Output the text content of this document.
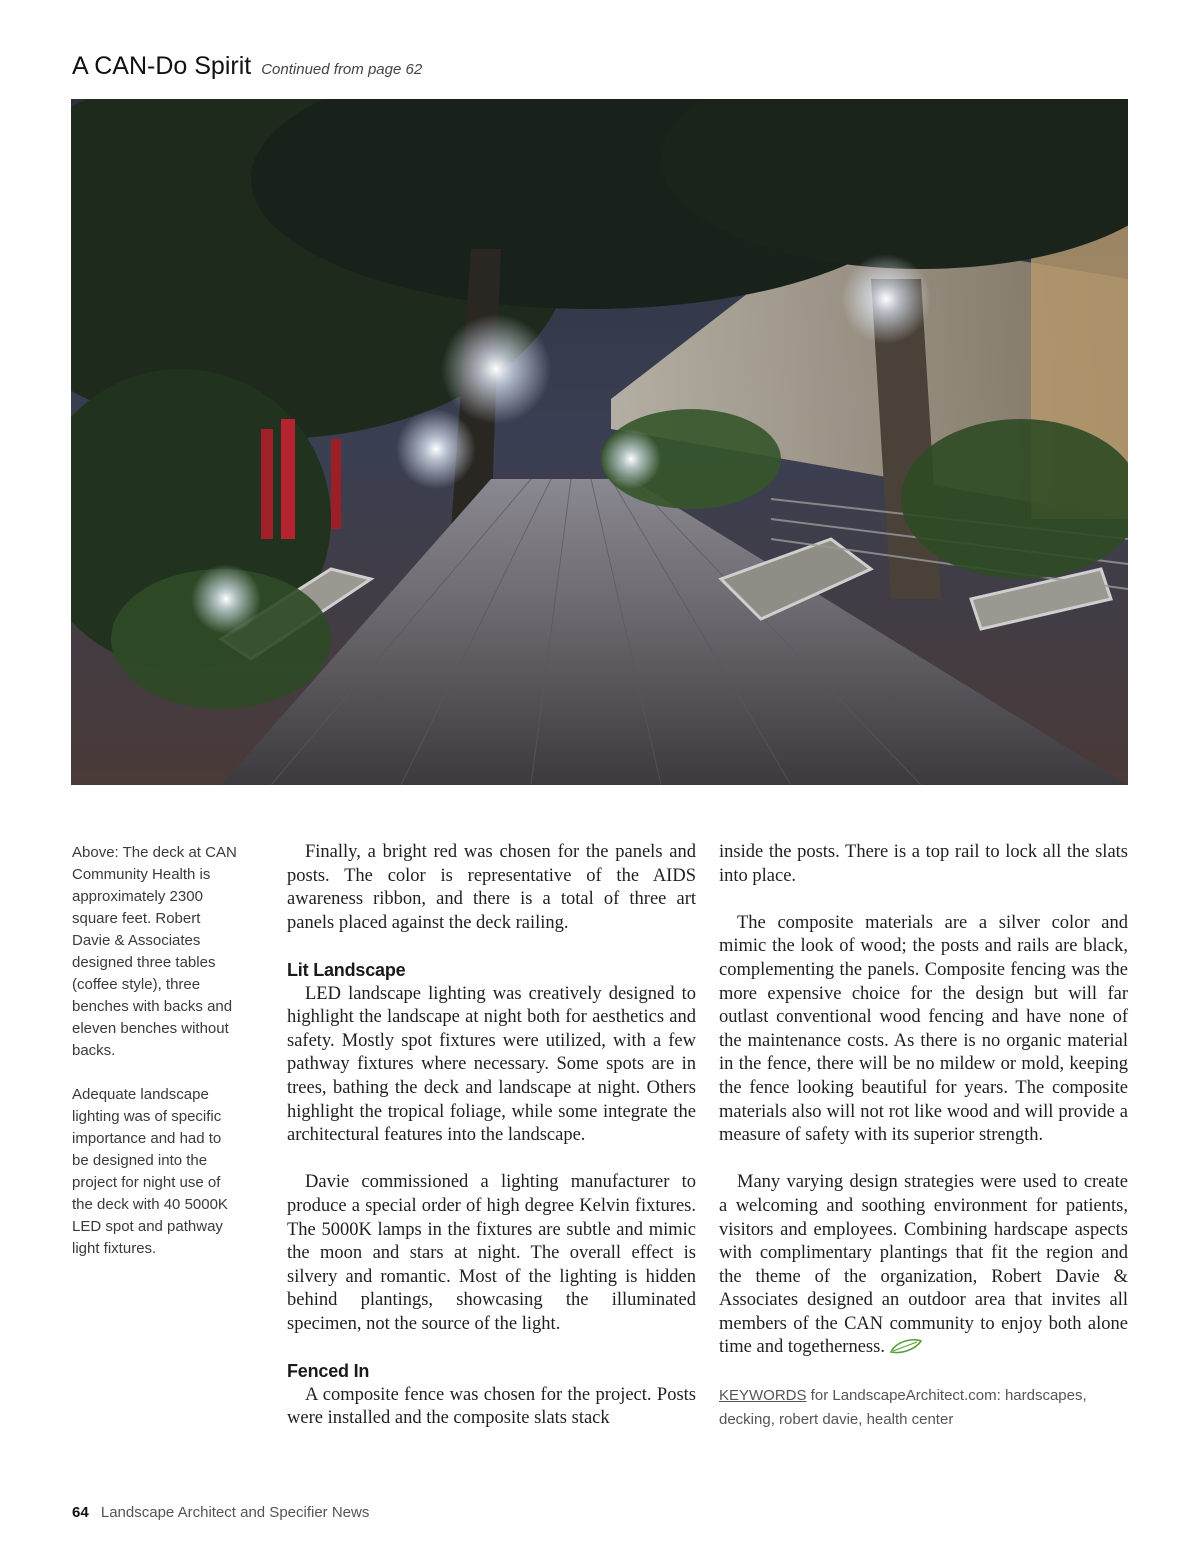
A CAN-Do Spirit Continued from page 62

Above: The deck at CAN Community Health is approximately 2300 square feet. Robert Davie & Associates designed three tables (coffee style), three benches with backs and eleven benches without backs.

Adequate landscape lighting was of specific importance and had to be designed into the project for night use of the deck with 40 5000K LED spot and pathway light fixtures.

Finally, a bright red was chosen for the panels and posts. The color is representative of the AIDS awareness ribbon, and there is a total of three art panels placed against the deck railing.

Lit Landscape

LED landscape lighting was creatively designed to highlight the landscape at night both for aesthetics and safety. Mostly spot fixtures were utilized, with a few pathway fixtures where necessary. Some spots are in trees, bathing the deck and landscape at night. Others highlight the tropical foliage, while some integrate the architectural features into the landscape.

Davie commissioned a lighting manufacturer to produce a special order of high degree Kelvin fixtures. The 5000K lamps in the fixtures are subtle and mimic the moon and stars at night. The overall effect is silvery and romantic. Most of the lighting is hidden behind plantings, showcasing the illuminated specimen, not the source of the light.

Fenced In

A composite fence was chosen for the project. Posts were installed and the composite slats stack

inside the posts. There is a top rail to lock all the slats into place.

The composite materials are a silver color and mimic the look of wood; the posts and rails are black, complementing the panels. Composite fencing was the more expensive choice for the design but will far outlast conventional wood fencing and have none of the maintenance costs. As there is no organic material in the fence, there will be no mildew or mold, keeping the fence looking beautiful for years. The composite materials also will not rot like wood and will provide a measure of safety with its superior strength.

Many varying design strategies were used to create a welcoming and soothing environment for patients, visitors and employees. Combining hardscape aspects with complimentary plantings that fit the region and the theme of the organization, Robert Davie & Associates designed an outdoor area that invites all members of the CAN community to enjoy both alone time and togetherness.

KEYWORDS for LandscapeArchitect.com: hardscapes, decking, robert davie, health center
64 Landscape Architect and Specifier News
